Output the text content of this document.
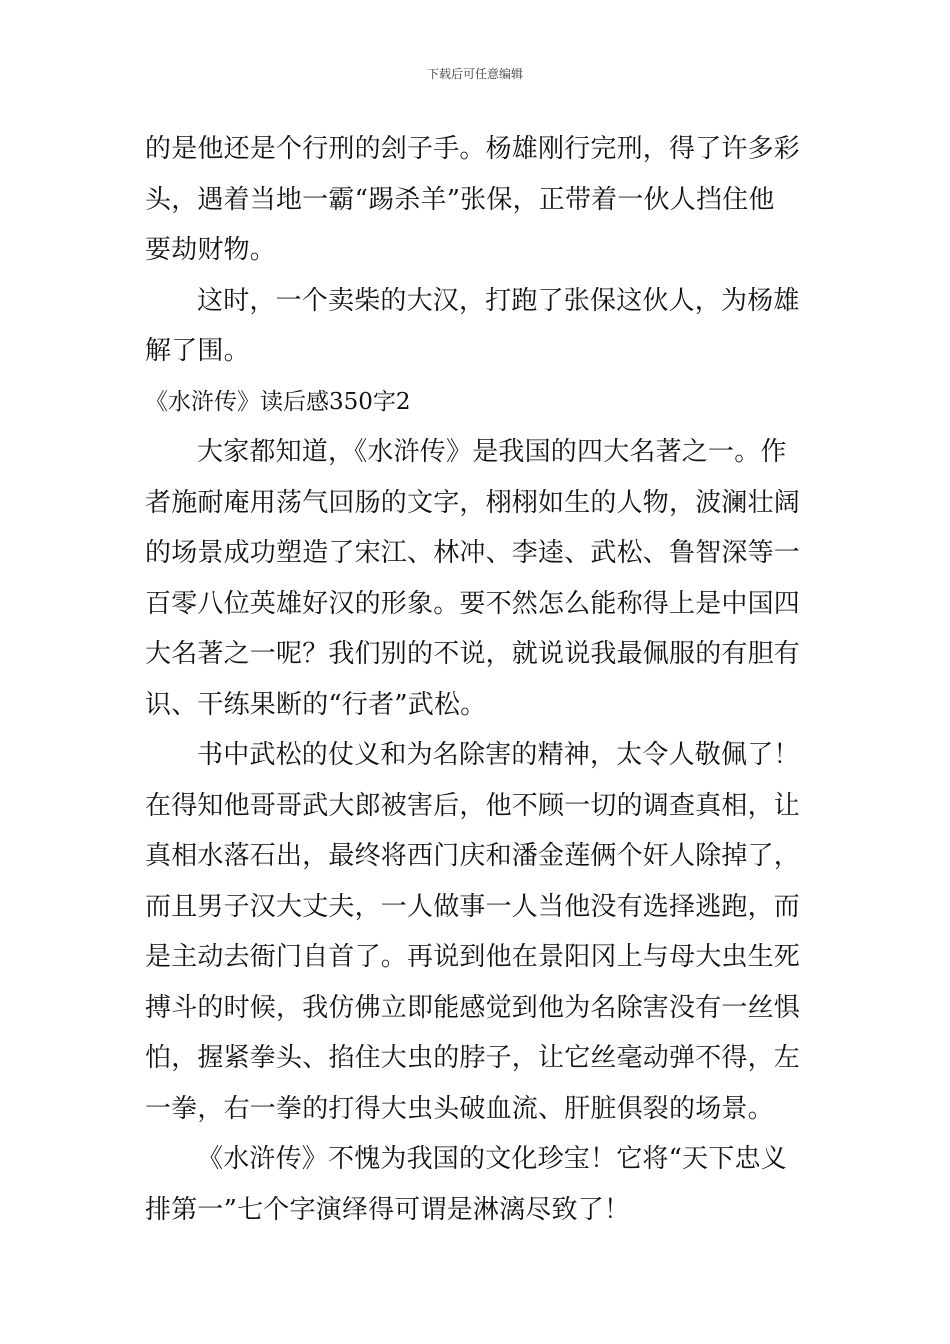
下载后可任意编辑
的是他还是个行刑的刽子手。杨雄刚行完刑，得了许多彩
头，遇着当地一霸“踢杀羊”张保，正带着一伙人挡住他
要劫财物。
这时，一个卖柴的大汉，打跑了张保这伙人，为杨雄
解了围。
《水浒传》读后感350字2
大家都知道，《水浒传》是我国的四大名著之一。作
者施耐庵用荡气回肠的文字，栩栩如生的人物，波澜壮阔
的场景成功塑造了宋江、林冲、李逵、武松、鲁智深等一
百零八位英雄好汉的形象。要不然怎么能称得上是中国四
大名著之一呢？我们别的不说，就说说我最佩服的有胆有
识、干练果断的“行者”武松。
书中武松的仗义和为名除害的精神，太令人敬佩了！
在得知他哥哥武大郎被害后，他不顾一切的调查真相，让
真相水落石出，最终将西门庆和潘金莲俩个奸人除掉了，
而且男子汉大丈夫，一人做事一人当他没有选择逃跑，而
是主动去衙门自首了。再说到他在景阳冈上与母大虫生死
搏斗的时候，我仿佛立即能感觉到他为名除害没有一丝惧
怕，握紧拳头、掐住大虫的脖子，让它丝毫动弹不得，左
一拳，右一拳的打得大虫头破血流、肝脏俱裂的场景。
《水浒传》不愧为我国的文化珍宝！它将“天下忠义
排第一”七个字演绎得可谓是淋漓尽致了！
